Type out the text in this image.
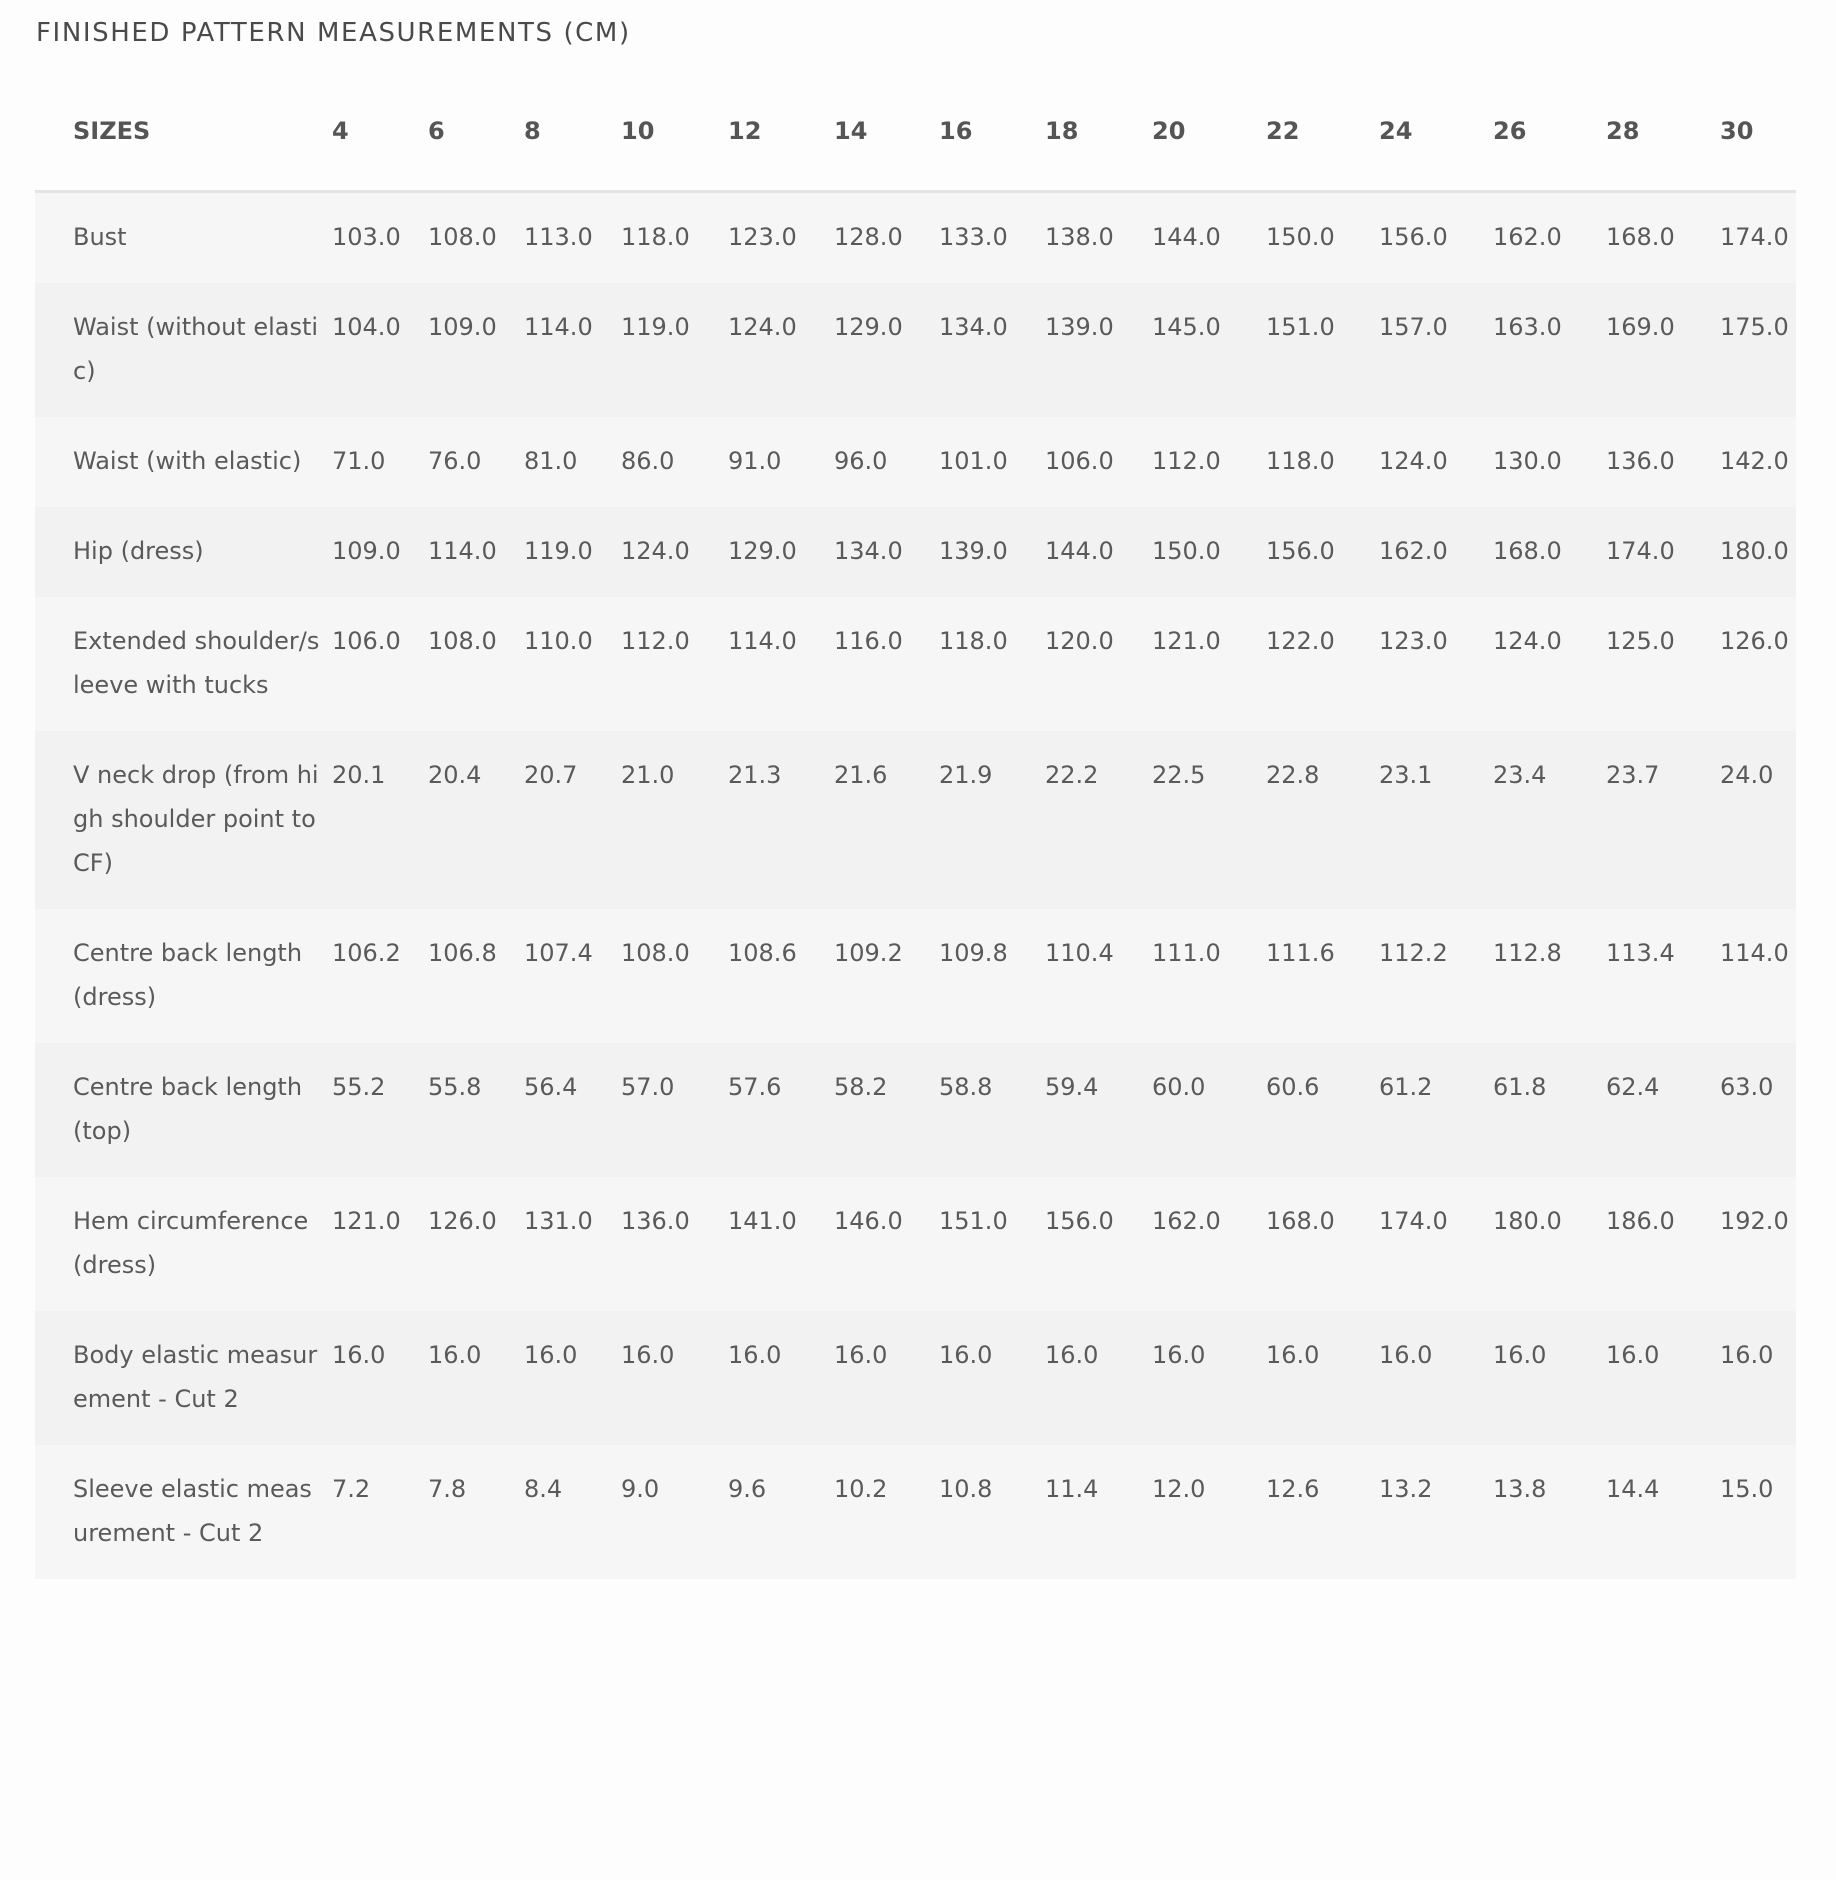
FINISHED PATTERN MEASUREMENTS (CM)
SIZES	4	6	8	10	12	14	16	18	20	22	24	26	28	30
Bust	103.0	108.0	113.0	118.0	123.0	128.0	133.0	138.0	144.0	150.0	156.0	162.0	168.0	174.0
Waist (without elastic)	104.0	109.0	114.0	119.0	124.0	129.0	134.0	139.0	145.0	151.0	157.0	163.0	169.0	175.0
Waist (with elastic)	71.0	76.0	81.0	86.0	91.0	96.0	101.0	106.0	112.0	118.0	124.0	130.0	136.0	142.0
Hip (dress)	109.0	114.0	119.0	124.0	129.0	134.0	139.0	144.0	150.0	156.0	162.0	168.0	174.0	180.0
Extended shoulder/sleeve with tucks	106.0	108.0	110.0	112.0	114.0	116.0	118.0	120.0	121.0	122.0	123.0	124.0	125.0	126.0
V neck drop (from high shoulder point to CF)	20.1	20.4	20.7	21.0	21.3	21.6	21.9	22.2	22.5	22.8	23.1	23.4	23.7	24.0
Centre back length (dress)	106.2	106.8	107.4	108.0	108.6	109.2	109.8	110.4	111.0	111.6	112.2	112.8	113.4	114.0
Centre back length (top)	55.2	55.8	56.4	57.0	57.6	58.2	58.8	59.4	60.0	60.6	61.2	61.8	62.4	63.0
Hem circumference (dress)	121.0	126.0	131.0	136.0	141.0	146.0	151.0	156.0	162.0	168.0	174.0	180.0	186.0	192.0
Body elastic measurement - Cut 2	16.0	16.0	16.0	16.0	16.0	16.0	16.0	16.0	16.0	16.0	16.0	16.0	16.0	16.0
Sleeve elastic measurement - Cut 2	7.2	7.8	8.4	9.0	9.6	10.2	10.8	11.4	12.0	12.6	13.2	13.8	14.4	15.0
